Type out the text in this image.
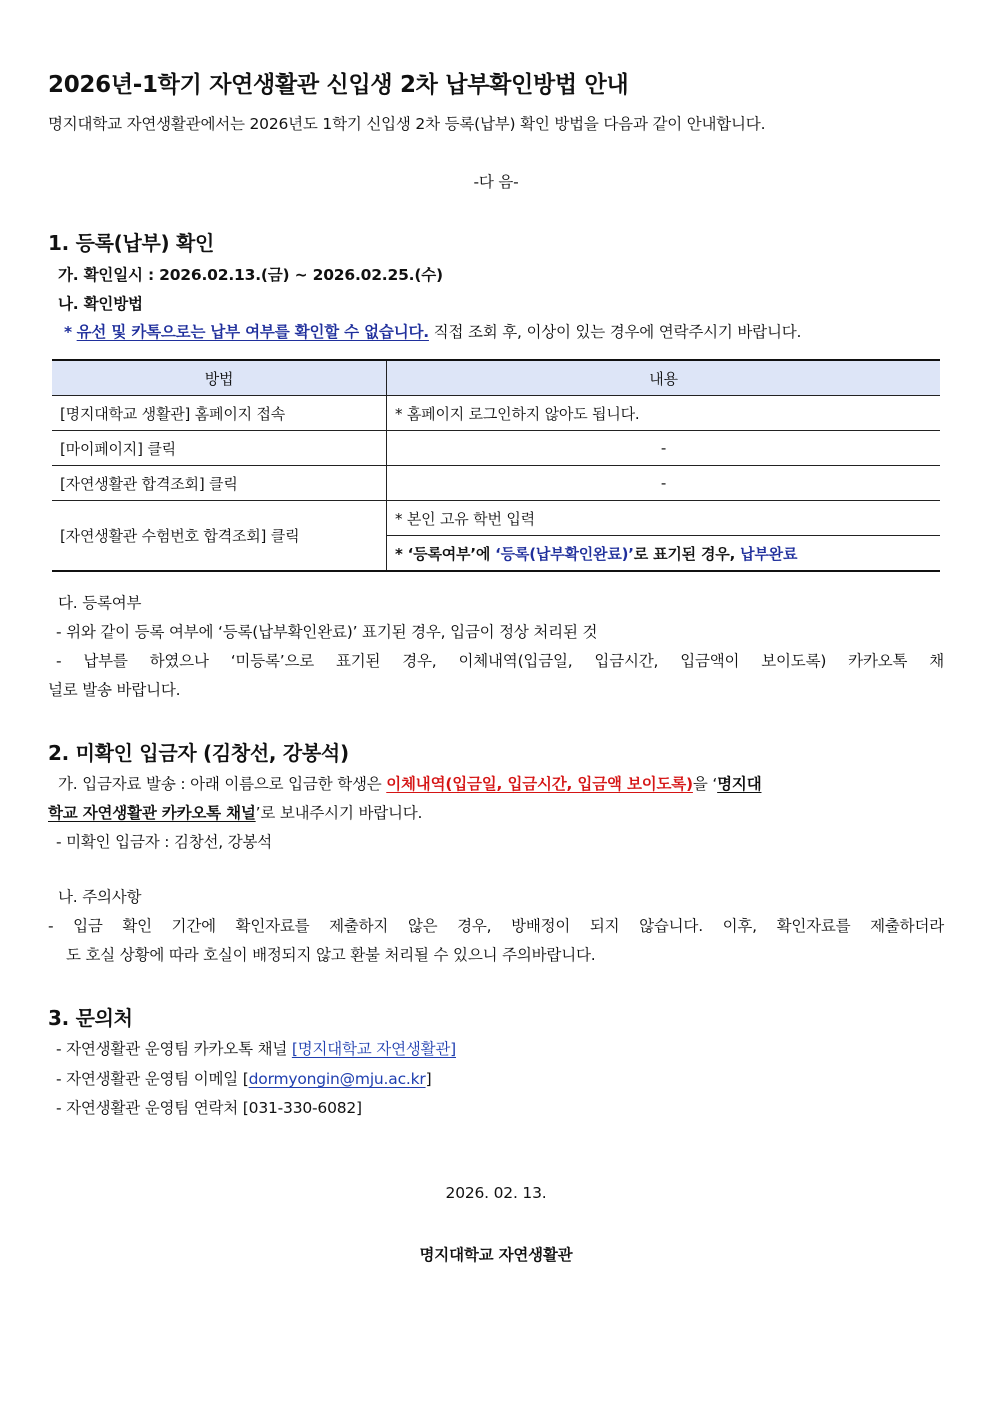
2026년-1학기 자연생활관 신입생 2차 납부확인방법 안내
명지대학교 자연생활관에서는 2026년도 1학기 신입생 2차 등록(납부) 확인 방법을 다음과 같이 안내합니다.
-다 음-
1. 등록(납부) 확인
가. 확인일시 : 2026.02.13.(금) ~ 2026.02.25.(수)
나. 확인방법
* 유선 및 카톡으로는 납부 여부를 확인할 수 없습니다. 직접 조회 후, 이상이 있는 경우에 연락주시기 바랍니다.
방법	내용
[명지대학교 생활관] 홈페이지 접속	* 홈페이지 로그인하지 않아도 됩니다.
[마이페이지] 클릭	-
[자연생활관 합격조회] 클릭	-
[자연생활관 수험번호 합격조회] 클릭	* 본인 고유 학번 입력
	* ‘등록여부’에 ‘등록(납부확인완료)’로 표기된 경우, 납부완료
다. 등록여부
- 위와 같이 등록 여부에 ‘등록(납부확인완료)’ 표기된 경우, 입금이 정상 처리된 것
- 납부를 하였으나 ‘미등록’으로 표기된 경우, 이체내역(입금일, 입금시간, 입금액이 보이도록) 카카오톡 채
널로 발송 바랍니다.
2. 미확인 입금자 (김창선, 강봉석)
가. 입금자료 발송 : 아래 이름으로 입금한 학생은 이체내역(입금일, 입금시간, 입금액 보이도록)을 ‘명지대
학교 자연생활관 카카오톡 채널’로 보내주시기 바랍니다.
- 미확인 입금자 : 김창선, 강봉석
나. 주의사항
- 입금 확인 기간에 확인자료를 제출하지 않은 경우, 방배정이 되지 않습니다. 이후, 확인자료를 제출하더라
도 호실 상황에 따라 호실이 배정되지 않고 환불 처리될 수 있으니 주의바랍니다.
3. 문의처
- 자연생활관 운영팀 카카오톡 채널 [명지대학교 자연생활관]
- 자연생활관 운영팀 이메일 [dormyongin@mju.ac.kr]
- 자연생활관 운영팀 연락처 [031-330-6082]
2026. 02. 13.
명지대학교 자연생활관
